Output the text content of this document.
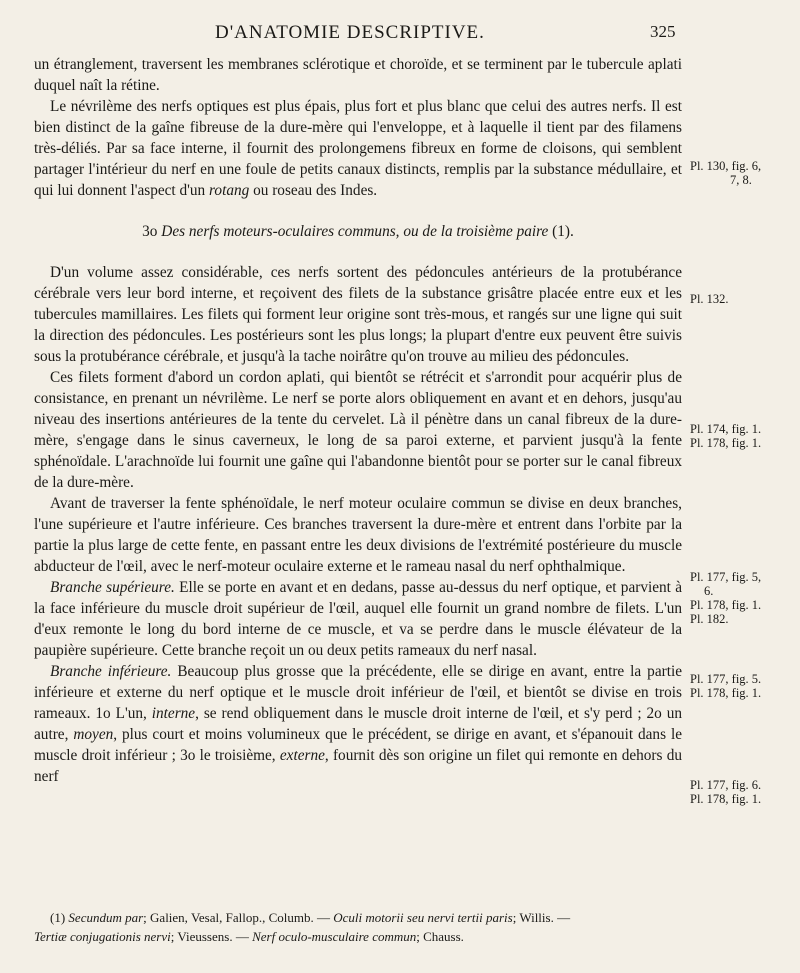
D'ANATOMIE DESCRIPTIVE.	325

un étranglement, traversent les membranes sclérotique et choroïde, et se terminent par le tubercule aplati duquel naît la rétine.

Le névrilème des nerfs optiques est plus épais, plus fort et plus blanc que celui des autres nerfs. Il est bien distinct de la gaîne fibreuse de la dure-mère qui l'enveloppe, et à laquelle il tient par des filamens très-déliés. Par sa face interne, il fournit des prolongemens fibreux en forme de cloisons, qui semblent partager l'intérieur du nerf en une foule de petits canaux distincts, remplis par la substance médullaire, et qui lui donnent l'aspect d'un rotang ou roseau des Indes.

3o Des nerfs moteurs-oculaires communs, ou de la troisième paire (1).

D'un volume assez considérable, ces nerfs sortent des pédoncules antérieurs de la protubérance cérébrale vers leur bord interne, et reçoivent des filets de la substance grisâtre placée entre eux et les tubercules mamillaires. Les filets qui forment leur origine sont très-mous, et rangés sur une ligne qui suit la direction des pédoncules. Les postérieurs sont les plus longs; la plupart d'entre eux peuvent être suivis sous la protubérance cérébrale, et jusqu'à la tache noirâtre qu'on trouve au milieu des pédoncules.

Ces filets forment d'abord un cordon aplati, qui bientôt se rétrécit et s'arrondit pour acquérir plus de consistance, en prenant un névrilème. Le nerf se porte alors obliquement en avant et en dehors, jusqu'au niveau des insertions antérieures de la tente du cervelet. Là il pénètre dans un canal fibreux de la dure-mère, s'engage dans le sinus caverneux, le long de sa paroi externe, et parvient jusqu'à la fente sphénoïdale. L'arachnoïde lui fournit une gaîne qui l'abandonne bientôt pour se porter sur le canal fibreux de la dure-mère.

Avant de traverser la fente sphénoïdale, le nerf moteur oculaire commun se divise en deux branches, l'une supérieure et l'autre inférieure. Ces branches traversent la dure-mère et entrent dans l'orbite par la partie la plus large de cette fente, en passant entre les deux divisions de l'extrémité postérieure du muscle abducteur de l'œil, avec le nerf-moteur oculaire externe et le rameau nasal du nerf ophthalmique.

Branche supérieure. Elle se porte en avant et en dedans, passe au-dessus du nerf optique, et parvient à la face inférieure du muscle droit supérieur de l'œil, auquel elle fournit un grand nombre de filets. L'un d'eux remonte le long du bord interne de ce muscle, et va se perdre dans le muscle élévateur de la paupière supérieure. Cette branche reçoit un ou deux petits rameaux du nerf nasal.

Branche inférieure. Beaucoup plus grosse que la précédente, elle se dirige en avant, entre la partie inférieure et externe du nerf optique et le muscle droit inférieur de l'œil, et bientôt se divise en trois rameaux. 1o L'un, interne, se rend obliquement dans le muscle droit interne de l'œil, et s'y perd ; 2o un autre, moyen, plus court et moins volumineux que le précédent, se dirige en avant, et s'épanouit dans le muscle droit inférieur ; 3o le troisième, externe, fournit dès son origine un filet qui remonte en dehors du nerf

Pl. 130, fig. 6,
7, 8.
Pl. 132.
Pl. 174, fig. 1.
Pl. 178, fig. 1.
Pl. 177, fig. 5,
6.
Pl. 178, fig. 1.
Pl. 182.
Pl. 177, fig. 5.
Pl. 178, fig. 1.
Pl. 177, fig. 6.
Pl. 178, fig. 1.

(1) Secundum par; Galien, Vesal, Fallop., Columb. — Oculi motorii seu nervi tertii paris; Willis. —

Tertiæ conjugationis nervi; Vieussens. — Nerf oculo-musculaire commun; Chauss.
